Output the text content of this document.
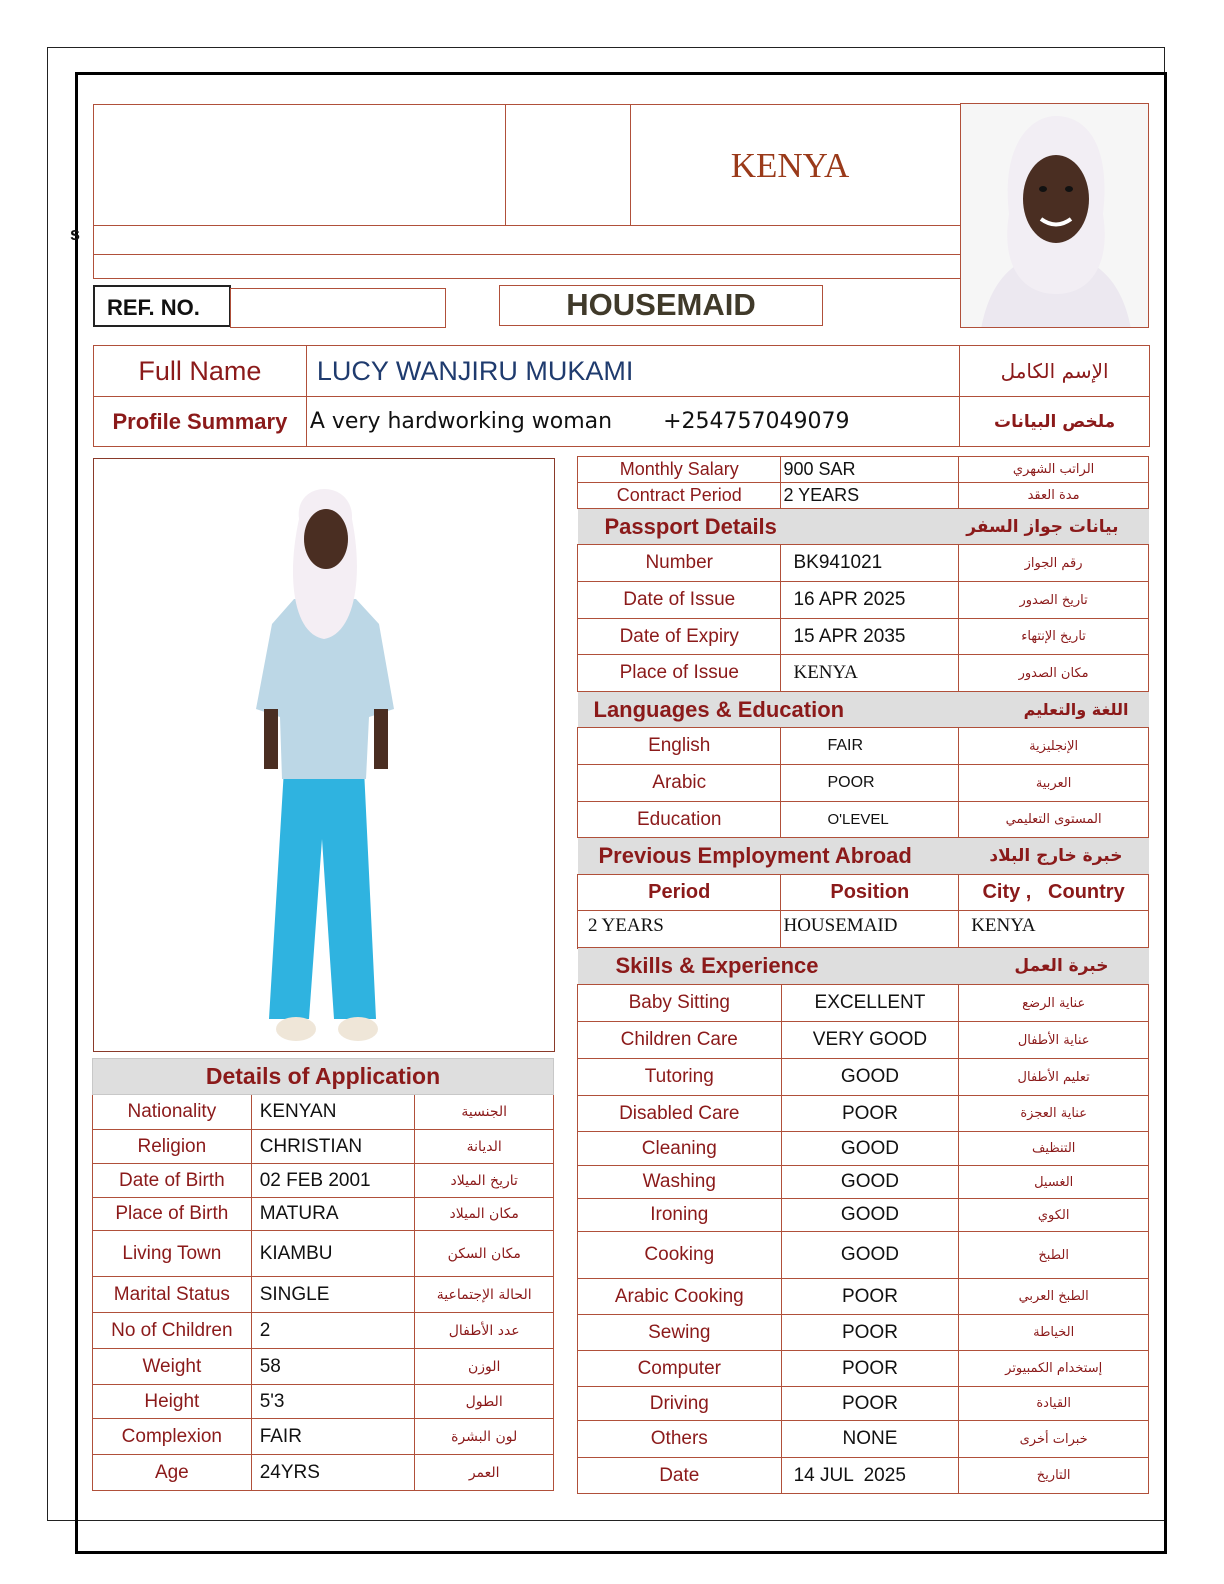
s
KENYA
REF. NO.	HOUSEMAID
Full Name	LUCY WANJIRU MUKAMI	الإسم الكامل
Profile Summary	A very hardworking woman +254757049079	ملخص البيانات
Details of Application		
Nationality	KENYAN	الجنسية
Religion	CHRISTIAN	الديانة
Date of Birth	02 FEB 2001	تاريخ الميلاد
Place of Birth	MATURA	مكان الميلاد
Living Town	KIAMBU	مكان السكن
Marital Status	SINGLE	الحالة الإجتماعية
No of Children	2	عدد الأطفال
Weight	58	الوزن
Height	5'3	الطول
Complexion	FAIR	لون البشرة
Age	24YRS	العمر
Monthly Salary	900 SAR	الراتب الشهري
Contract Period	2 YEARS	مدة العقد
Passport Details		بيانات جواز السفر
Number	BK941021	رقم الجواز
Date of Issue	16 APR 2025	تاريخ الصدور
Date of Expiry	15 APR 2035	تاريخ الإنتهاء
Place of Issue	KENYA	مكان الصدور
Languages & Education		اللغة والتعليم
English	FAIR	الإنجليزية
Arabic	POOR	العربية
Education	O'LEVEL	المستوى التعليمي
Previous Employment Abroad		خبرة خارج البلاد
Period	Position	City ,   Country
2 YEARS	HOUSEMAID	KENYA
Skills & Experience		خبرة العمل
Baby Sitting	EXCELLENT	عناية الرضع
Children Care	VERY GOOD	عناية الأطفال
Tutoring	GOOD	تعليم الأطفال
Disabled Care	POOR	عناية العجزة
Cleaning	GOOD	التنظيف
Washing	GOOD	الغسيل
Ironing	GOOD	الكوي
Cooking	GOOD	الطبخ
Arabic Cooking	POOR	الطبخ العربي
Sewing	POOR	الخياطة
Computer	POOR	إستخدام الكمبيوتر
Driving	POOR	القيادة
Others	NONE	خبرات أخرى
Date	14 JUL  2025	التاريخ
